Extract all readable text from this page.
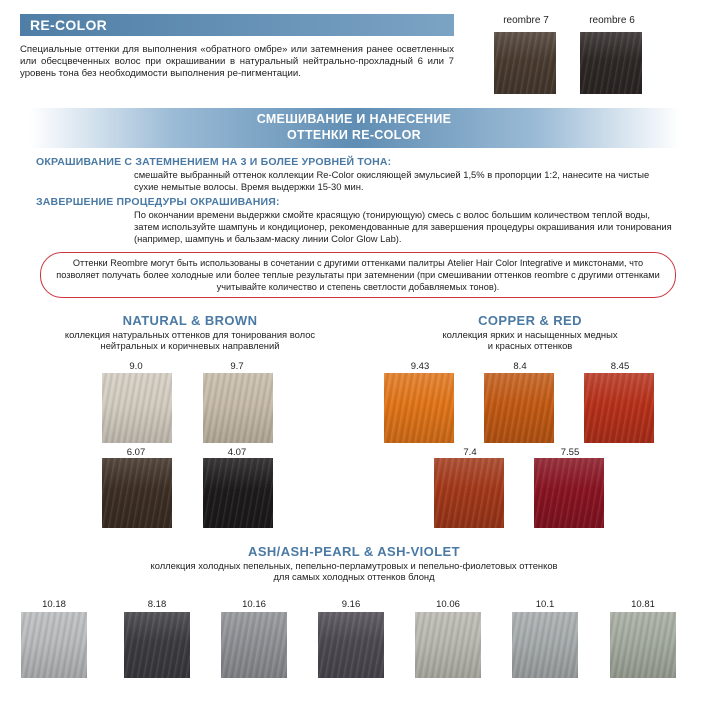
RE-COLOR

Специальные оттенки для выполнения «обратного омбре» или затемнения ранее осветленных или обесцвеченных волос при окрашивании в натуральный нейтрально-прохладный 6 или 7 уровень тона без необходимости выполнения ре-пигментации.

reombre 7	reombre 6
СМЕШИВАНИЕ И НАНЕСЕНИЕ
ОТТЕНКИ RE-COLOR
ОКРАШИВАНИЕ С ЗАТЕМНЕНИЕМ НА 3 И БОЛЕЕ УРОВНЕЙ ТОНА:

смешайте выбранный оттенок коллекции Re-Color окисляющей эмульсией 1,5% в пропорции 1:2, нанесите на чистые сухие немытые волосы. Время выдержки 15-30 мин.

ЗАВЕРШЕНИЕ ПРОЦЕДУРЫ ОКРАШИВАНИЯ:

По окончании времени выдержки смойте красящую (тонирующую) смесь с волос большим количеством теплой воды, затем используйте шампунь и кондиционер, рекомендованные для завершения процедуры окрашивания или тонирования (например, шампунь и бальзам-маску линии Color Glow Lab).

Оттенки Reombre могут быть использованы в сочетании с другими оттенками палитры Atelier Hair Color Integrative и микстонами, что позволяет получать более холодные или более теплые результаты при затемнении (при смешивании оттенков reombre с другими оттенками учитывайте количество и степень светлости добавляемых тонов).

NATURAL & BROWN
коллекция натуральных оттенков для тонирования волос
нейтральных и коричневых направлений
9.0	9.7
6.07	4.07
COPPER & RED
коллекция ярких и насыщенных медных
и красных оттенков
9.43	8.4	8.45
7.4	7.55
ASH/ASH-PEARL & ASH-VIOLET
коллекция холодных пепельных, пепельно-перламутровых и пепельно-фиолетовых оттенков
для самых холодных оттенков блонд
10.18	8.18	10.16	9.16	10.06	10.1	10.81
